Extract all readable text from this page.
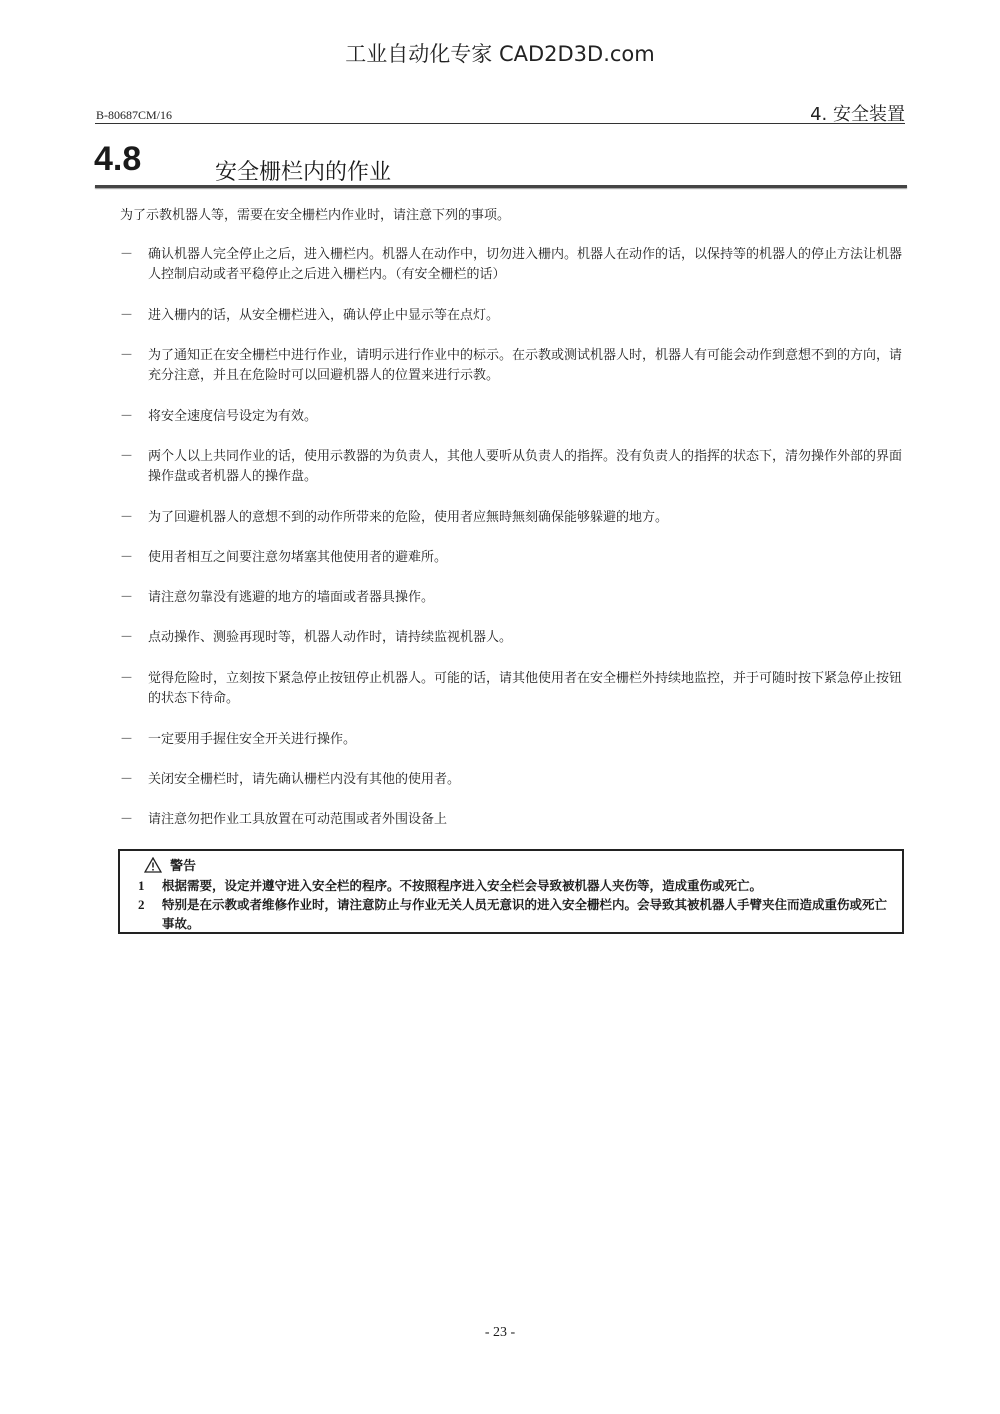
工业自动化专家 CAD2D3D.com
B-80687CM/16	4. 安全装置
4.8	安全栅栏内的作业
为了示教机器人等，需要在安全栅栏内作业时，请注意下列的事项。
－	确认机器人完全停止之后，进入栅栏内。机器人在动作中，切勿进入栅内。机器人在动作的话，以保持等的机器人的停止方法让机器人控制启动或者平稳停止之后进入栅栏内。（有安全栅栏的话）
－	进入栅内的话，从安全栅栏进入，确认停止中显示等在点灯。
－	为了通知正在安全栅栏中进行作业，请明示进行作业中的标示。在示教或测试机器人时，机器人有可能会动作到意想不到的方向，请充分注意，并且在危险时可以回避机器人的位置来进行示教。
－	将安全速度信号设定为有效。
－	两个人以上共同作业的话，使用示教器的为负责人，其他人要听从负责人的指挥。没有负责人的指挥的状态下，清勿操作外部的界面操作盘或者机器人的操作盘。
－	为了回避机器人的意想不到的动作所带来的危险，使用者应無時無刻确保能够躲避的地方。
－	使用者相互之间要注意勿堵塞其他使用者的避难所。
－	请注意勿靠没有逃避的地方的墙面或者器具操作。
－	点动操作、测验再现时等，机器人动作时，请持续监视机器人。
－	觉得危险时，立刻按下紧急停止按钮停止机器人。可能的话，请其他使用者在安全栅栏外持续地监控，并于可随时按下紧急停止按钮的状态下待命。
－	一定要用手握住安全开关进行操作。
－	关闭安全栅栏时，请先确认栅栏内没有其他的使用者。
－	请注意勿把作业工具放置在可动范围或者外围设备上
警告
1	根据需要，设定并遵守进入安全栏的程序。不按照程序进入安全栏会导致被机器人夹伤等，造成重伤或死亡。
2	特别是在示教或者维修作业时，请注意防止与作业无关人员无意识的进入安全栅栏内。会导致其被机器人手臂夹住而造成重伤或死亡事故。
- 23 -
